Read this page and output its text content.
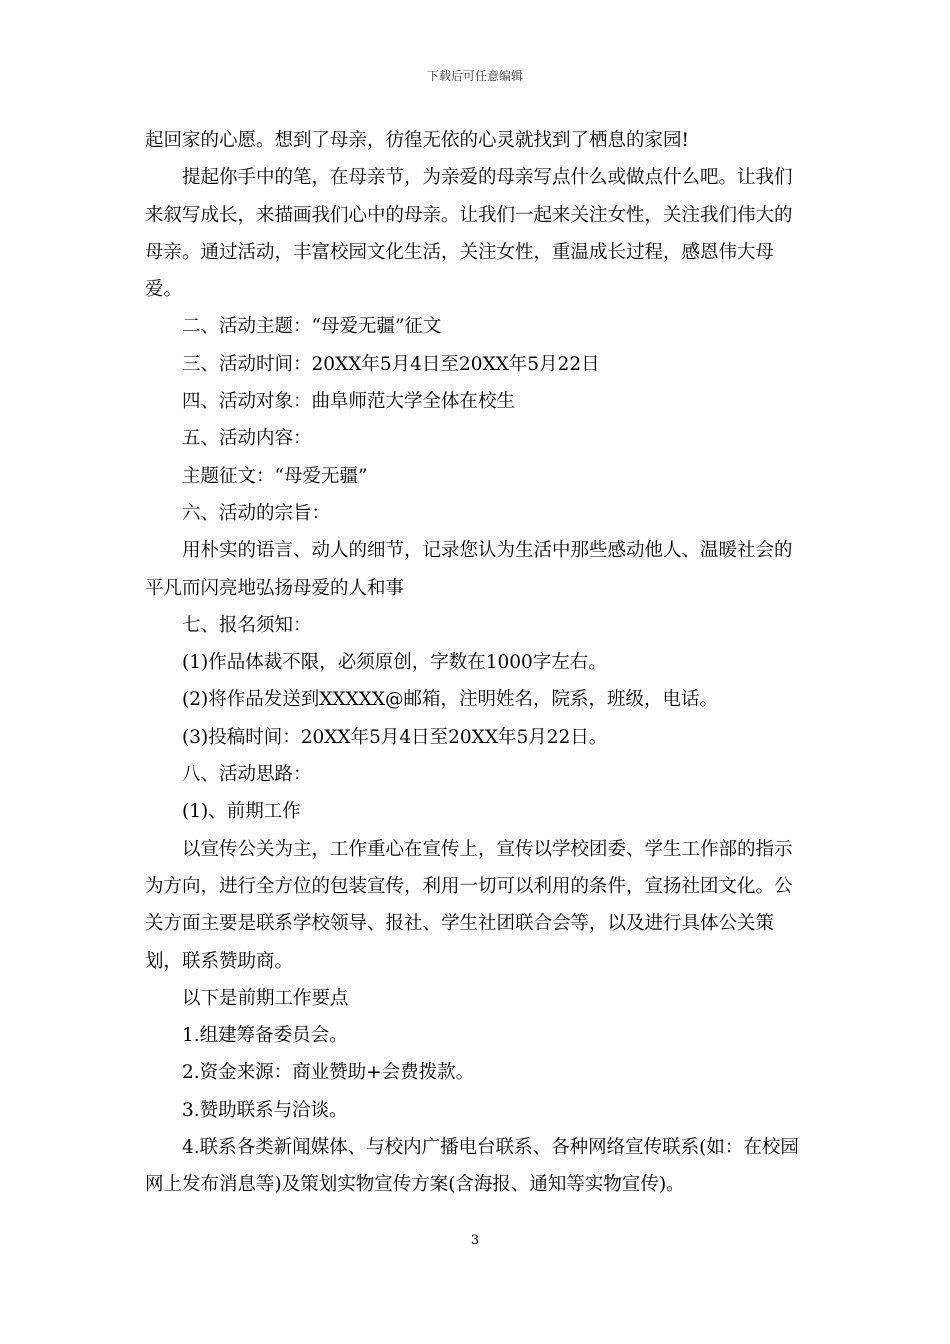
下载后可任意编辑

起回家的心愿。想到了母亲，彷徨无依的心灵就找到了栖息的家园!

提起你手中的笔，在母亲节，为亲爱的母亲写点什么或做点什么吧。让我们来叙写成长，来描画我们心中的母亲。让我们一起来关注女性，关注我们伟大的母亲。通过活动，丰富校园文化生活，关注女性，重温成长过程，感恩伟大母爱。

二、活动主题：“母爱无疆”征文

三、活动时间：20XX年5月4日至20XX年5月22日

四、活动对象：曲阜师范大学全体在校生

五、活动内容：

主题征文：“母爱无疆”

六、活动的宗旨：

用朴实的语言、动人的细节，记录您认为生活中那些感动他人、温暖社会的平凡而闪亮地弘扬母爱的人和事

七、报名须知：

(1)作品体裁不限，必须原创，字数在1000字左右。

(2)将作品发送到XXXXX@邮箱，注明姓名，院系，班级，电话。

(3)投稿时间：20XX年5月4日至20XX年5月22日。

八、活动思路：

(1)、前期工作

以宣传公关为主，工作重心在宣传上，宣传以学校团委、学生工作部的指示为方向，进行全方位的包装宣传，利用一切可以利用的条件，宣扬社团文化。公关方面主要是联系学校领导、报社、学生社团联合会等，以及进行具体公关策划，联系赞助商。

以下是前期工作要点

1.组建筹备委员会。

2.资金来源：商业赞助+会费拨款。

3.赞助联系与洽谈。

4.联系各类新闻媒体、与校内广播电台联系、各种网络宣传联系(如：在校园网上发布消息等)及策划实物宣传方案(含海报、通知等实物宣传)。

3
